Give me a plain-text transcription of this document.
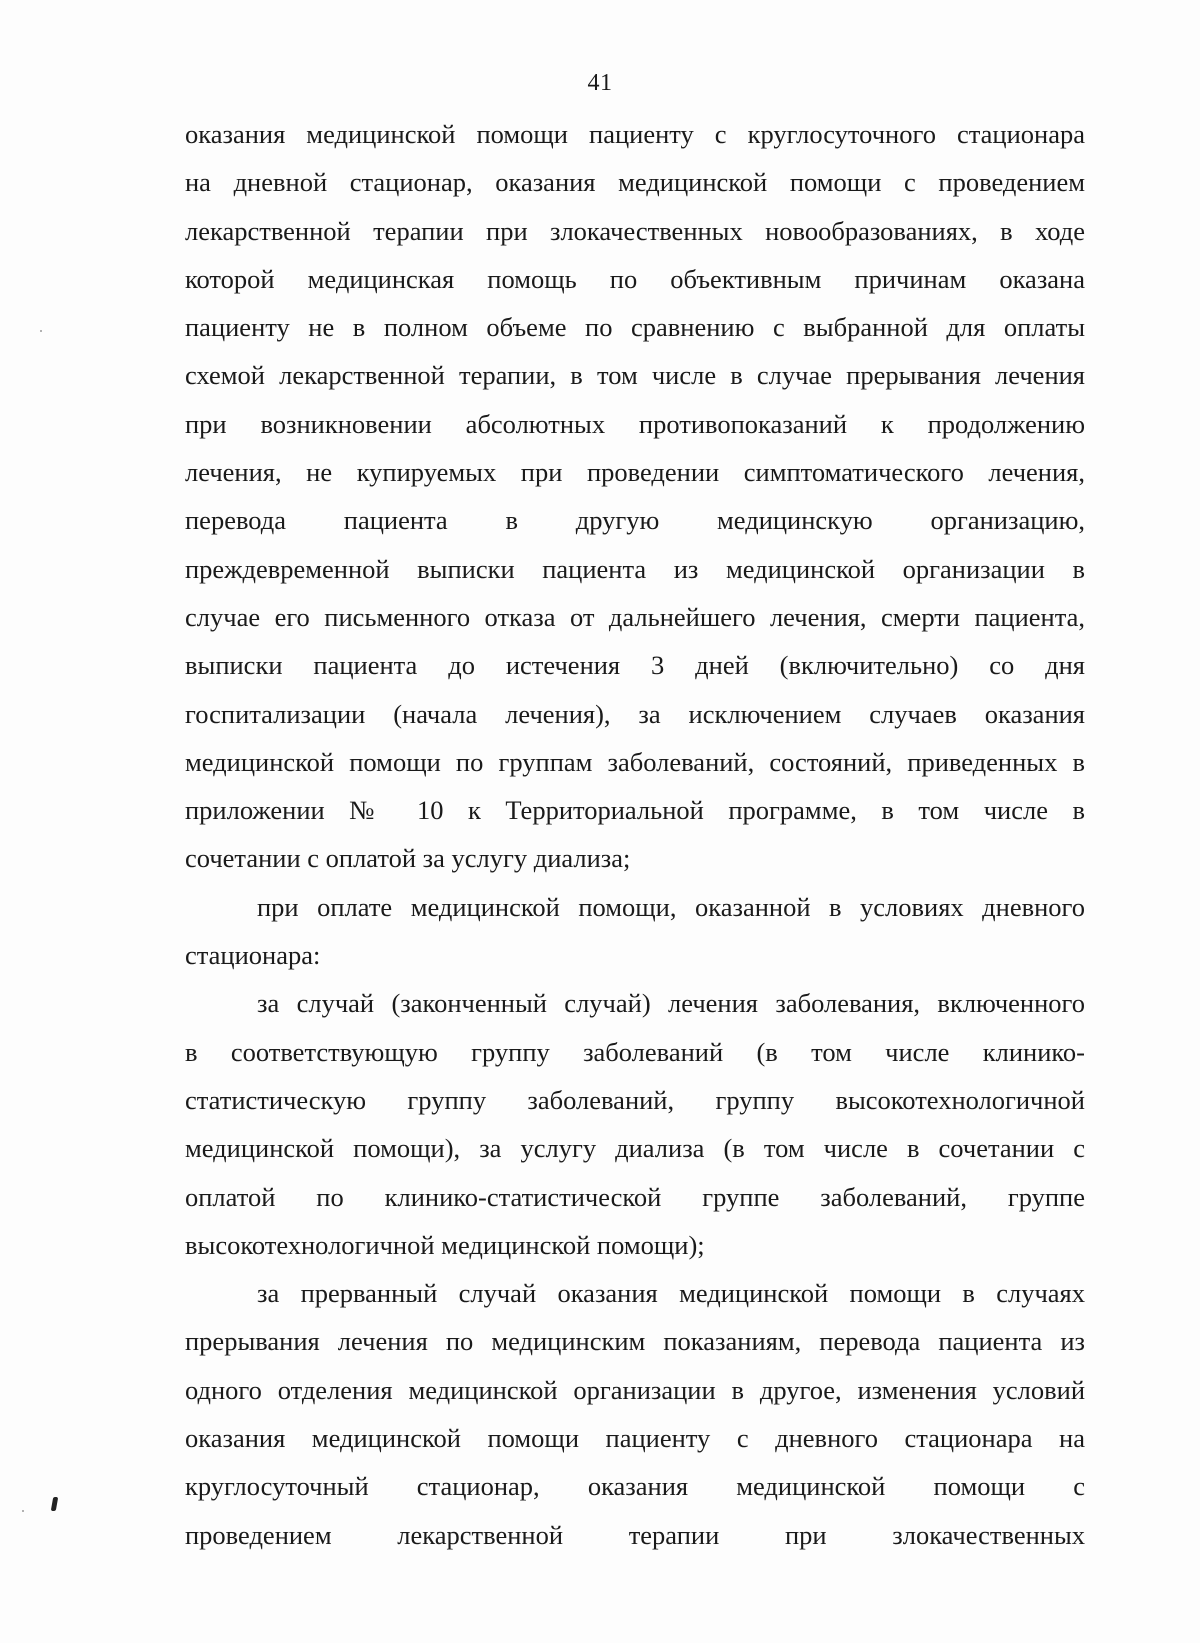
41
оказания медицинской помощи пациенту с круглосуточного стационара
на дневной стационар, оказания медицинской помощи с проведением
лекарственной терапии при злокачественных новообразованиях, в ходе
которой медицинская помощь по объективным причинам оказана
пациенту не в полном объеме по сравнению с выбранной для оплаты
схемой лекарственной терапии, в том числе в случае прерывания лечения
при возникновении абсолютных противопоказаний к продолжению
лечения, не купируемых при проведении симптоматического лечения,
перевода пациента в другую медицинскую организацию,
преждевременной выписки пациента из медицинской организации в
случае его письменного отказа от дальнейшего лечения, смерти пациента,
выписки пациента до истечения 3 дней (включительно) со дня
госпитализации (начала лечения), за исключением случаев оказания
медицинской помощи по группам заболеваний, состояний, приведенных в
приложении № 10 к Территориальной программе, в том числе в
сочетании с оплатой за услугу диализа;
при оплате медицинской помощи, оказанной в условиях дневного
стационара:
за случай (законченный случай) лечения заболевания, включенного
в соответствующую группу заболеваний (в том числе клинико-
статистическую группу заболеваний, группу высокотехнологичной
медицинской помощи), за услугу диализа (в том числе в сочетании с
оплатой по клинико-статистической группе заболеваний, группе
высокотехнологичной медицинской помощи);
за прерванный случай оказания медицинской помощи в случаях
прерывания лечения по медицинским показаниям, перевода пациента из
одного отделения медицинской организации в другое, изменения условий
оказания медицинской помощи пациенту с дневного стационара на
круглосуточный стационар, оказания медицинской помощи с
проведением лекарственной терапии при злокачественных
